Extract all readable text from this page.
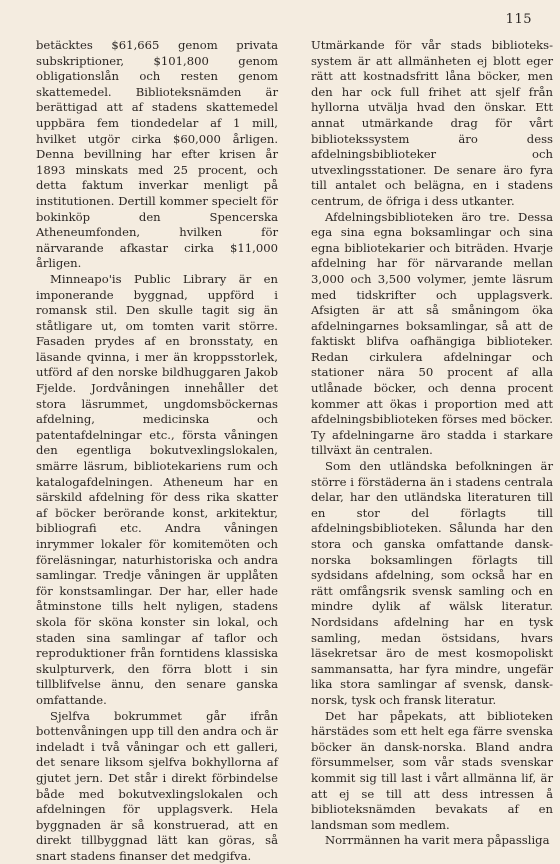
115

betäcktes $61,665 genom privata subskriptioner, $101,800 genom obligationslån och resten genom skattemedel. Biblioteksnämden är berättigad att af stadens skattemedel uppbära fem tiondedelar af 1 mill, hvilket utgör cirka $60,000 årligen. Denna bevillning har efter krisen år 1893 minskats med 25 procent, och detta faktum inverkar menligt på institutionen. Dertill kommer specielt för bokinköp den Spencerska Atheneumfonden, hvilken för närvarande afkastar cirka $11,000 årligen.

Minneapo'is Public Library är en imponerande byggnad, uppförd i romansk stil. Den skulle tagit sig än ståtligare ut, om tomten varit större. Fasaden prydes af en bronsstaty, en läsande qvinna, i mer än kroppsstorlek, utförd af den norske bildhuggaren Jakob Fjelde. Jordvåningen innehåller det stora läsrummet, ungdomsböckernas afdelning, medicinska och patentafdelningar etc., första våningen den egentliga bokutvexlingslokalen, smärre läsrum, bibliotekariens rum och katalogafdelningen. Atheneum har en särskild afdelning för dess rika skatter af böcker berörande konst, arkitektur, bibliografi etc. Andra våningen inrymmer lokaler för komitemöten och föreläsningar, naturhistoriska och andra samlingar. Tredje våningen är upplåten för konstsamlingar. Der har, eller hade åtminstone tills helt nyligen, stadens skola för sköna konster sin lokal, och staden sina samlingar af taflor och reproduktioner från forntidens klassiska skulpturverk, den förra blott i sin tillblifvelse ännu, den senare ganska omfattande.

Sjelfva bokrummet går ifrån bottenvåningen upp till den andra och är indeladt i två våningar och ett galleri, det senare liksom sjelfva bokhyllorna af gjutet jern. Det står i direkt förbindelse både med bokutvexlingslokalen och afdelningen för upplagsverk. Hela byggnaden är så konstruerad, att en direkt tillbyggnad lätt kan göras, så snart stadens finanser det medgifva.

Utmärkande för vår stads bibliotekssystem är att allmänheten ej blott eger rätt att kostnadsfritt låna böcker, men den har ock full frihet att sjelf från hyllorna utvälja hvad den önskar. Ett annat utmärkande drag för vårt bibliotekssystem äro dess afdelningsbiblioteker och utvexlingsstationer. De senare äro fyra till antalet och belägna, en i stadens centrum, de öfriga i dess utkanter.

Afdelningsbiblioteken äro tre. Dessa ega sina egna boksamlingar och sina egna bibliotekarier och biträden. Hvarje afdelning har för närvarande mellan 3,000 och 3,500 volymer, jemte läsrum med tidskrifter och upplagsverk. Afsigten är att så småningom öka afdelningarnes boksamlingar, så att de faktiskt blifva oafhängiga biblioteker. Redan cirkulera afdelningar och stationer nära 50 procent af alla utlånade böcker, och denna procent kommer att ökas i proportion med att afdelningsbiblioteken förses med böcker. Ty afdelningarne äro stadda i starkare tillväxt än centralen.

Som den utländska befolkningen är större i förstäderna än i stadens centrala delar, har den utländska literaturen till en stor del förlagts till afdelningsbiblioteken. Sålunda har den stora och ganska omfattande dansk-norska boksamlingen förlagts till sydsidans afdelning, som också har en rätt omfångsrik svensk samling och en mindre dylik af wälsk literatur. Nordsidans afdelning har en tysk samling, medan östsidans, hvars läsekretsar äro de mest kosmopoliskt sammansatta, har fyra mindre, ungefär lika stora samlingar af svensk, dansk-norsk, tysk och fransk literatur.

Det har påpekats, att biblioteken härstädes som ett helt ega färre svenska böcker än dansk-norska. Bland andra försummelser, som vår stads svenskar kommit sig till last i vårt allmänna lif, är att ej se till att dess intressen å biblioteksnämden bevakats af en landsman som medlem.

Norrmännen ha varit mera påpassliga
